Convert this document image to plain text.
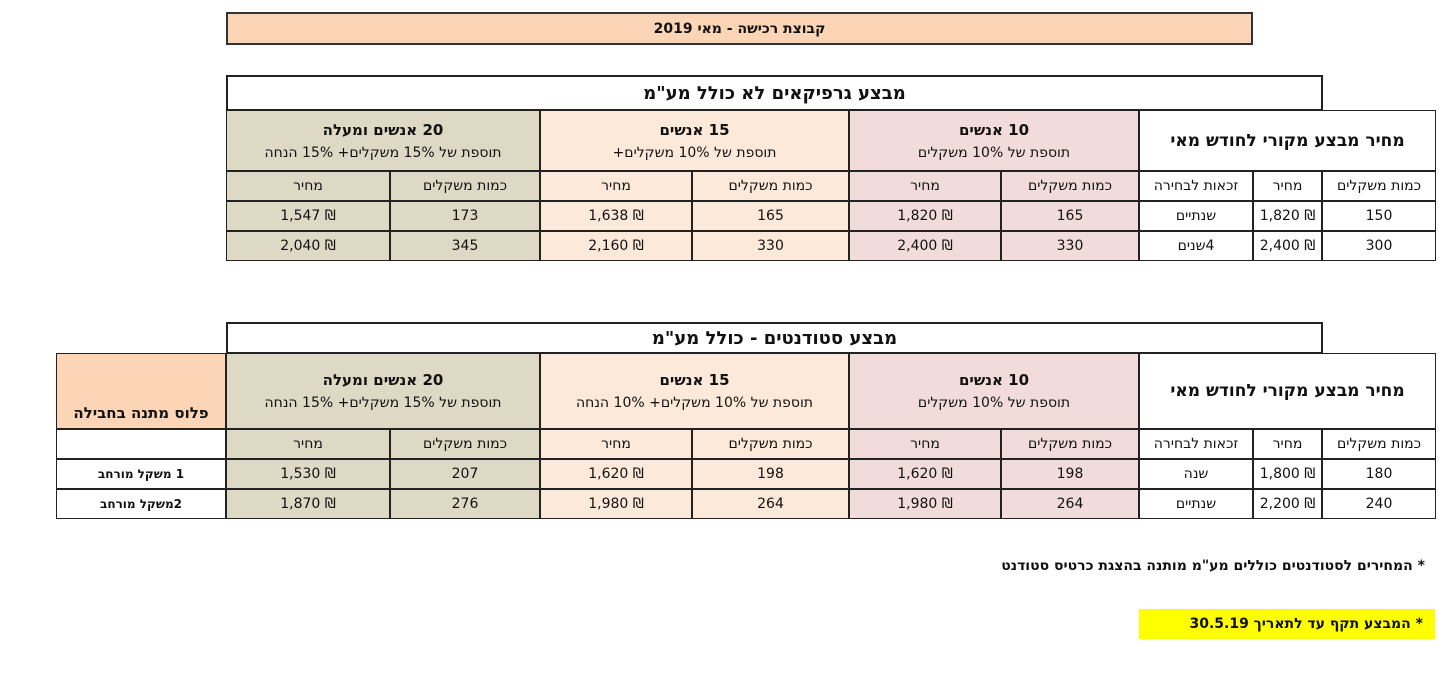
קבוצת רכישה - מאי 2019
מבצע גרפיקאים לא כולל מע"מ
מחיר מבצע מקורי לחודש מאי
10 אנשים
תוספת של 10% משקלים
15 אנשים
תוספת של 10% משקלים+
20 אנשים ומעלה
תוספת של 15% משקלים+ 15% הנחה
כמות משקלים
מחיר
זכאות לבחירה
כמות משקלים
מחיר
כמות משקלים
מחיר
כמות משקלים
מחיר
150
₪ 1,820
שנתיים
165
₪ 1,820
165
₪ 1,638
173
₪ 1,547
300
₪ 2,400
4שנים
330
₪ 2,400
330
₪ 2,160
345
₪ 2,040
מבצע סטודנטים - כולל מע"מ
מחיר מבצע מקורי לחודש מאי
10 אנשים
תוספת של 10% משקלים
15 אנשים
תוספת של 10% משקלים+ 10% הנחה
20 אנשים ומעלה
תוספת של 15% משקלים+ 15% הנחה
פלוס מתנה בחבילה
כמות משקלים
מחיר
זכאות לבחירה
כמות משקלים
מחיר
כמות משקלים
מחיר
כמות משקלים
מחיר
180
₪ 1,800
שנה
198
₪ 1,620
198
₪ 1,620
207
₪ 1,530
1 משקל מורחב
240
₪ 2,200
שנתיים
264
₪ 1,980
264
₪ 1,980
276
₪ 1,870
2משקל מורחב
* המחירים לסטודנטים כוללים מע"מ מותנה בהצגת כרטיס סטודנט
* המבצע תקף עד לתאריך 30.5.19
